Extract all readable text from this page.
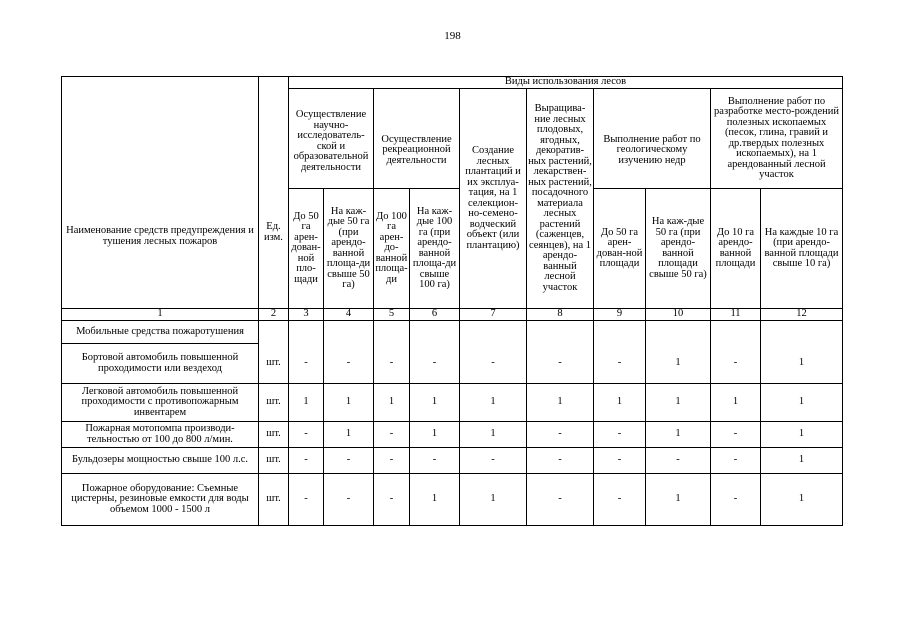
198
Наименование средств предупреждения и тушения лесных пожаров	Ед. изм.	Виды использования лесов									
		Осуществление научно-исследователь-ской и образовательной деятельности		Осуществление рекреационной деятельности		Создание лесных плантаций и их эксплуа-тация, на 1 селекцион-но-семено-водческий объект (или плантацию)	Выращива-ние лесных плодовых, ягодных, декоратив-ных растений, лекарствен-ных растений, посадочного материала лесных растений (саженцев, сеянцев), на 1 арендо-ванный лесной участок	Выполнение работ по геологическому изучению недр		Выполнение работ по разработке место-рождений полезных ископаемых (песок, глина, гравий и др.твердых полезных ископаемых), на 1 арендованный лесной участок	
		До 50 га арен-дован-ной пло-щади	На каж-дые 50 га (при арендо-ванной площа-ди свыше 50 га)	До 100 га арен-до-ванной площа-ди	На каж-дые 100 га (при арендо-ванной площа-ди свыше 100 га)			До 50 га арен-дован-ной площади	На каж-дые 50 га (при арендо-ванной площади свыше 50 га)	До 10 га арендо-ванной площади	На каждые 10 га (при арендо-ванной площади свыше 10 га)
1	2	3	4	5	6	7	8	9	10	11	12
Мобильные средства пожаротушения											
Бортовой автомобиль повышенной проходимости или вездеход	шт.	-	-	-	-	-	-	-	1	-	1
Легковой автомобиль повышенной проходимости с противопожарным инвентарем	шт.	1	1	1	1	1	1	1	1	1	1
Пожарная мотопомпа производи-тельностью от 100 до 800 л/мин.	шт.	-	1	-	1	1	-	-	1	-	1
Бульдозеры мощностью свыше 100 л.с.	шт.	-	-	-	-	-	-	-	-	-	1
Пожарное оборудование: Съемные цистерны, резиновые емкости для воды объемом 1000 - 1500 л	шт.	-	-	-	1	1	-	-	1	-	1
